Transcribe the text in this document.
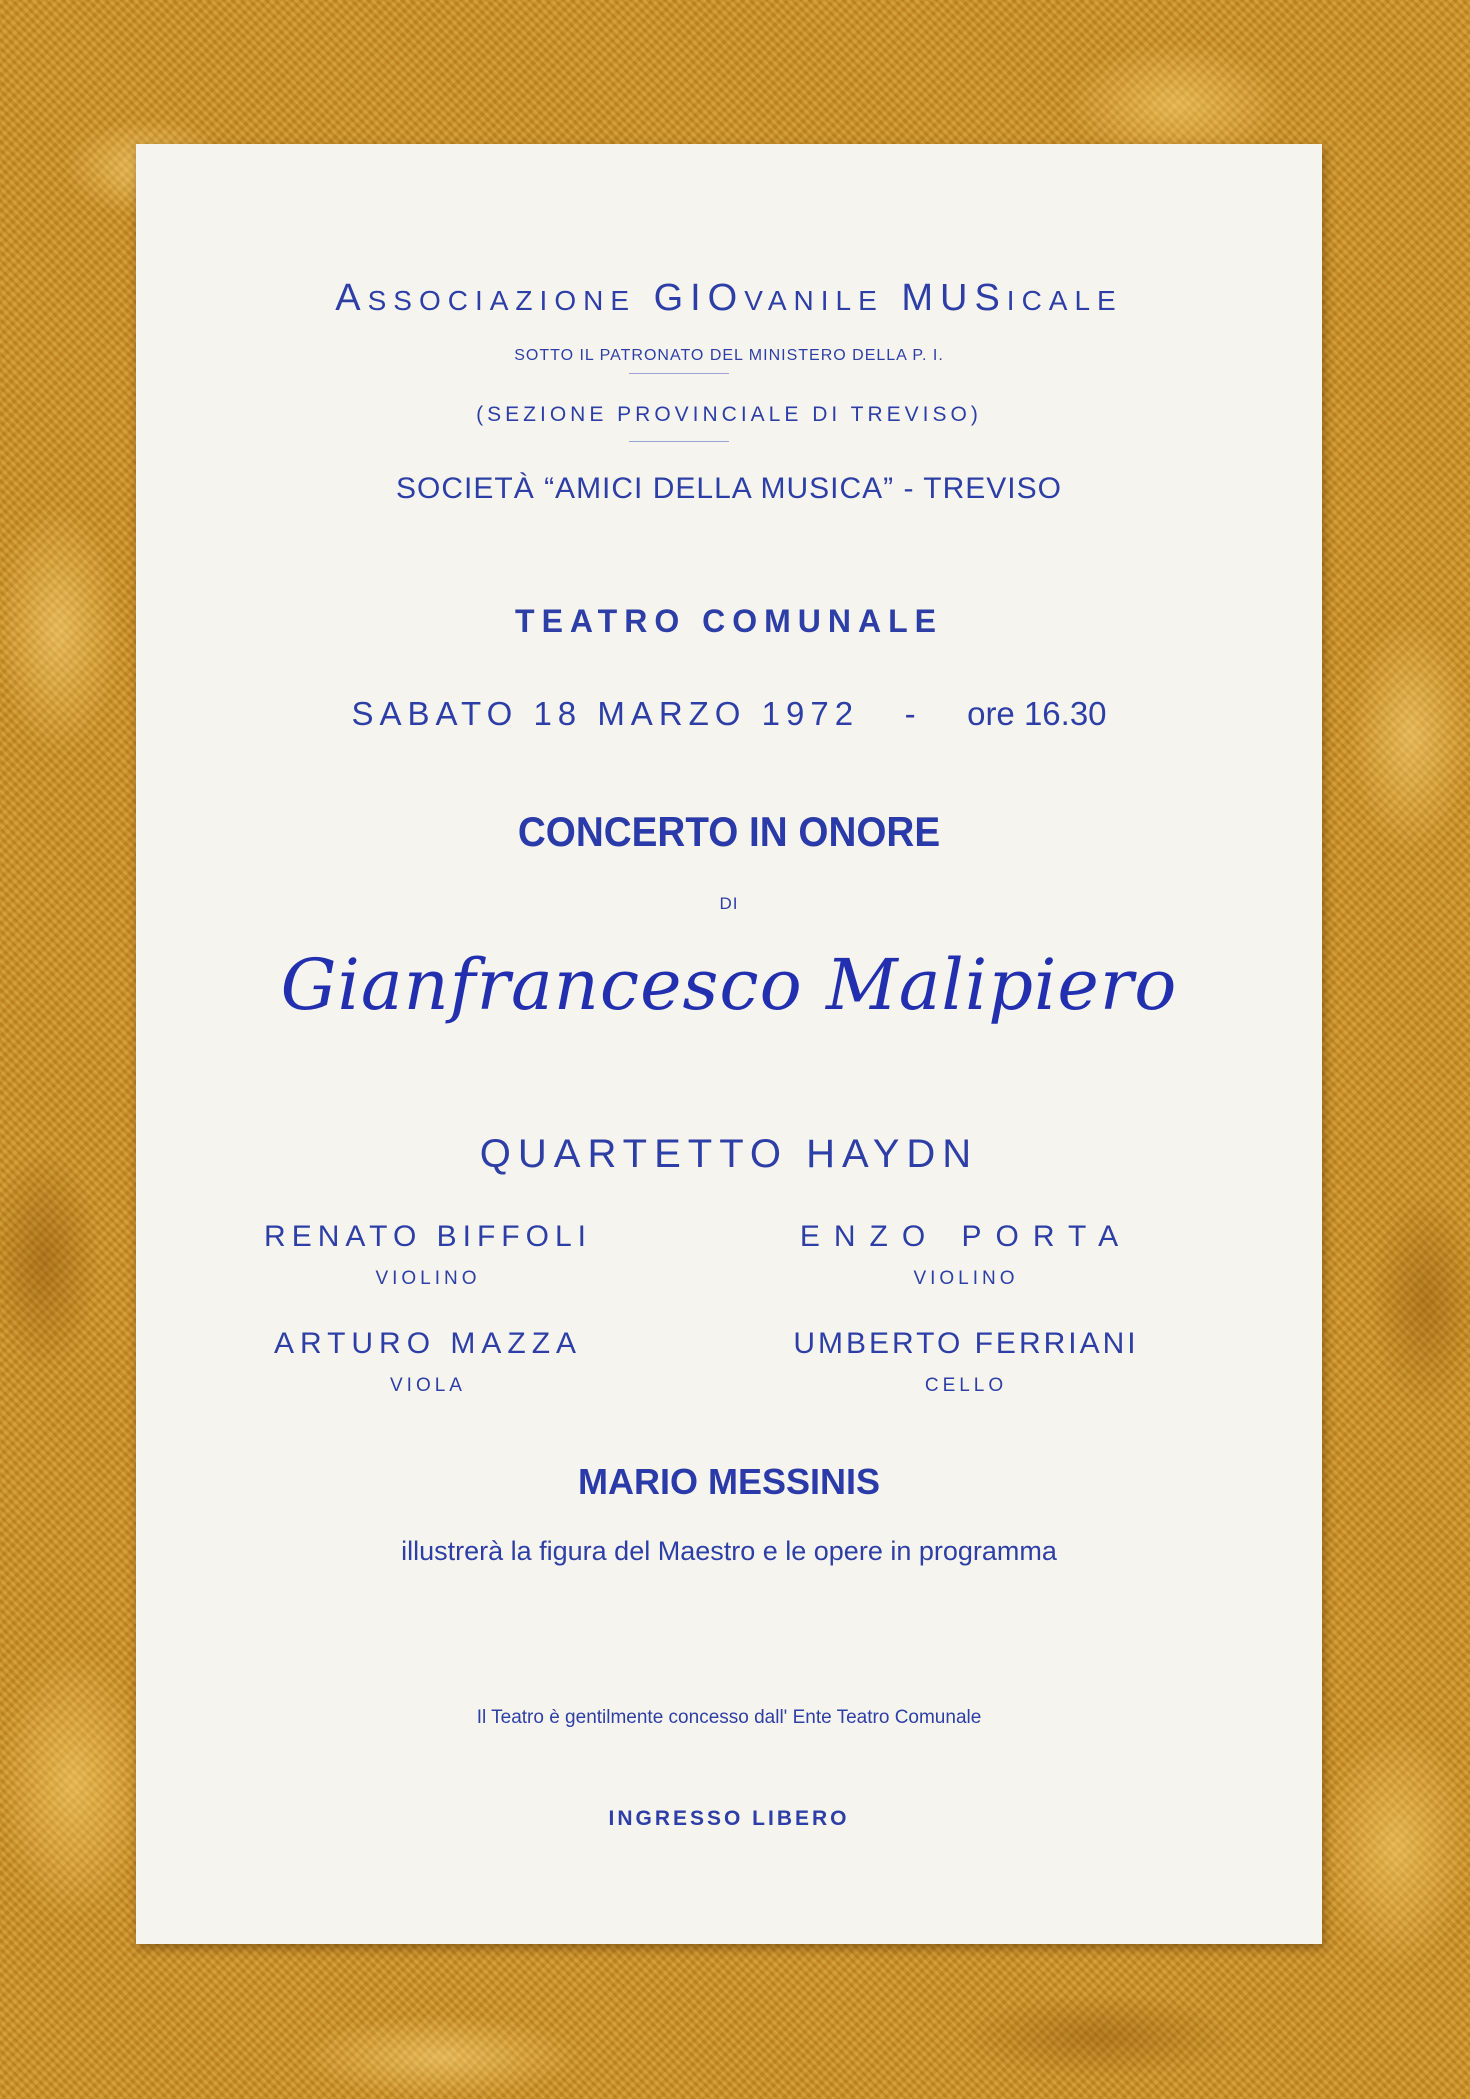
ASSOCIAZIONE GIOVANILE MUSICALE
SOTTO IL PATRONATO DEL MINISTERO DELLA P. I.
(SEZIONE PROVINCIALE DI TREVISO)
SOCIETÀ “AMICI DELLA MUSICA” - TREVISO
TEATRO COMUNALE
SABATO 18 MARZO 1972 - ore 16.30
CONCERTO IN ONORE
DI
Gianfrancesco Malipiero
QUARTETTO HAYDN
RENATO BIFFOLI
VIOLINO
ENZO PORTA
VIOLINO
ARTURO MAZZA
VIOLA
UMBERTO FERRIANI
CELLO
MARIO MESSINIS
illustrerà la figura del Maestro e le opere in programma
Il Teatro è gentilmente concesso dall' Ente Teatro Comunale
INGRESSO LIBERO
